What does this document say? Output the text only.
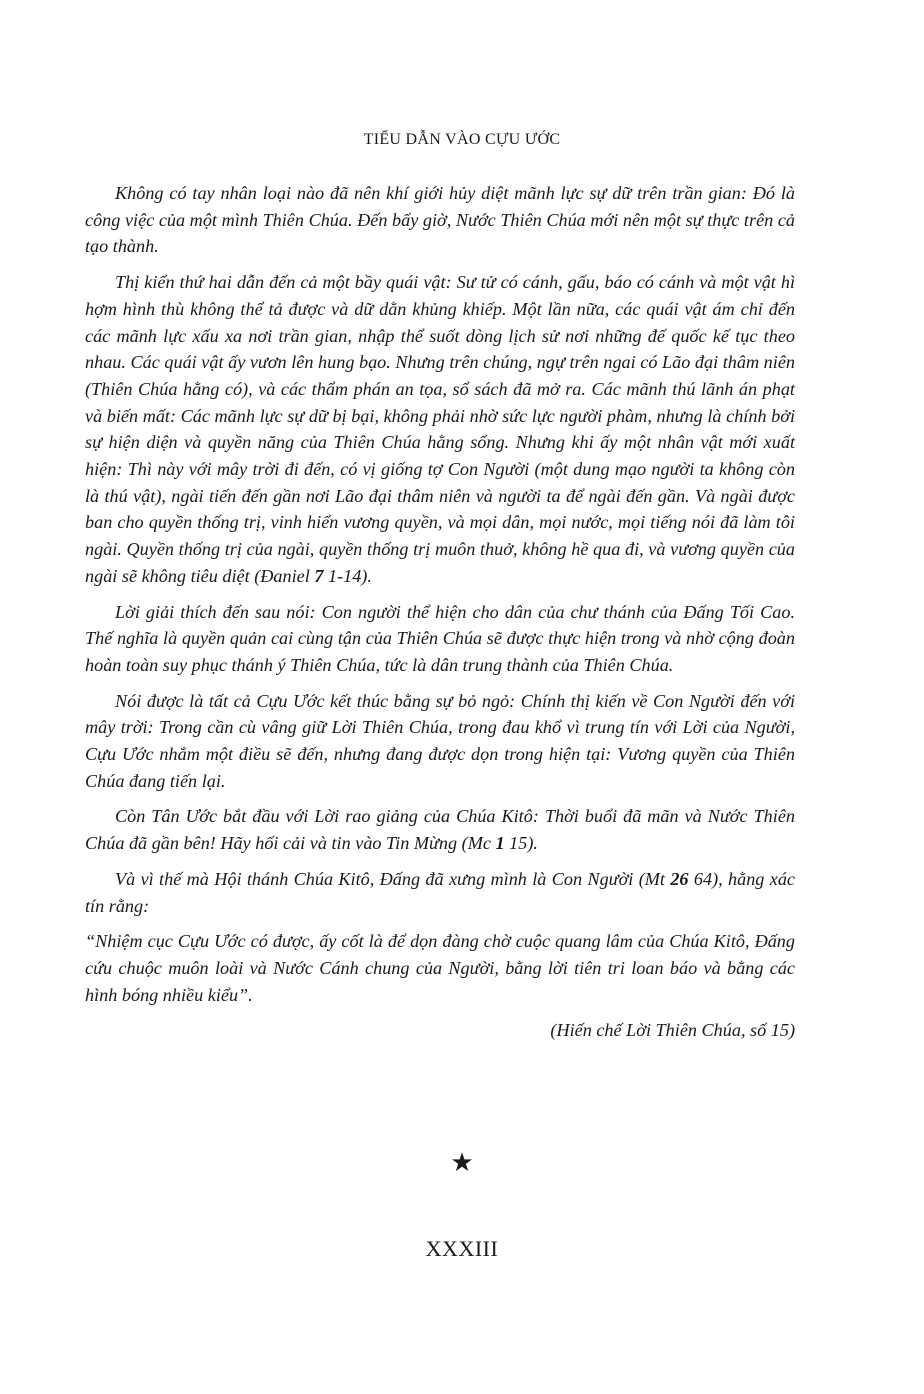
TIỂU DẪN VÀO CỰU ƯỚC

Không có tay nhân loại nào đã nên khí giới hủy diệt mãnh lực sự dữ trên trần gian: Đó là công việc của một mình Thiên Chúa. Đến bấy giờ, Nước Thiên Chúa mới nên một sự thực trên cả tạo thành.

Thị kiến thứ hai dẫn đến cả một bầy quái vật: Sư tử có cánh, gấu, báo có cánh và một vật hì hợm hình thù không thể tả được và dữ dằn khủng khiếp. Một lần nữa, các quái vật ám chỉ đến các mãnh lực xấu xa nơi trần gian, nhập thể suốt dòng lịch sử nơi những đế quốc kế tục theo nhau. Các quái vật ấy vươn lên hung bạo. Nhưng trên chúng, ngự trên ngai có Lão đại thâm niên (Thiên Chúa hằng có), và các thẩm phán an tọa, sổ sách đã mở ra. Các mãnh thú lãnh án phạt và biến mất: Các mãnh lực sự dữ bị bại, không phải nhờ sức lực người phàm, nhưng là chính bởi sự hiện diện và quyền năng của Thiên Chúa hằng sống. Nhưng khi ấy một nhân vật mới xuất hiện: Thì này với mây trời đi đến, có vị giống tợ Con Người (một dung mạo người ta không còn là thú vật), ngài tiến đến gần nơi Lão đại thâm niên và người ta để ngài đến gần. Và ngài được ban cho quyền thống trị, vinh hiển vương quyền, và mọi dân, mọi nước, mọi tiếng nói đã làm tôi ngài. Quyền thống trị của ngài, quyền thống trị muôn thuở, không hề qua đi, và vương quyền của ngài sẽ không tiêu diệt (Đaniel 7 1-14).

Lời giải thích đến sau nói: Con người thể hiện cho dân của chư thánh của Đấng Tối Cao. Thế nghĩa là quyền quản cai cùng tận của Thiên Chúa sẽ được thực hiện trong và nhờ cộng đoàn hoàn toàn suy phục thánh ý Thiên Chúa, tức là dân trung thành của Thiên Chúa.

Nói được là tất cả Cựu Ước kết thúc bằng sự bỏ ngỏ: Chính thị kiến về Con Người đến với mây trời: Trong cần cù vâng giữ Lời Thiên Chúa, trong đau khổ vì trung tín với Lời của Người, Cựu Ước nhắm một điều sẽ đến, nhưng đang được dọn trong hiện tại: Vương quyền của Thiên Chúa đang tiến lại.

Còn Tân Ước bắt đầu với Lời rao giảng của Chúa Kitô: Thời buổi đã mãn và Nước Thiên Chúa đã gần bên! Hãy hối cải và tin vào Tin Mừng (Mc 1 15).

Và vì thế mà Hội thánh Chúa Kitô, Đấng đã xưng mình là Con Người (Mt 26 64), hằng xác tín rằng:

“Nhiệm cục Cựu Ước có được, ấy cốt là để dọn đàng chờ cuộc quang lâm của Chúa Kitô, Đấng cứu chuộc muôn loài và Nước Cánh chung của Người, bằng lời tiên tri loan báo và bằng các hình bóng nhiều kiểu”.

(Hiến chế Lời Thiên Chúa, số 15)

★
XXXIII
